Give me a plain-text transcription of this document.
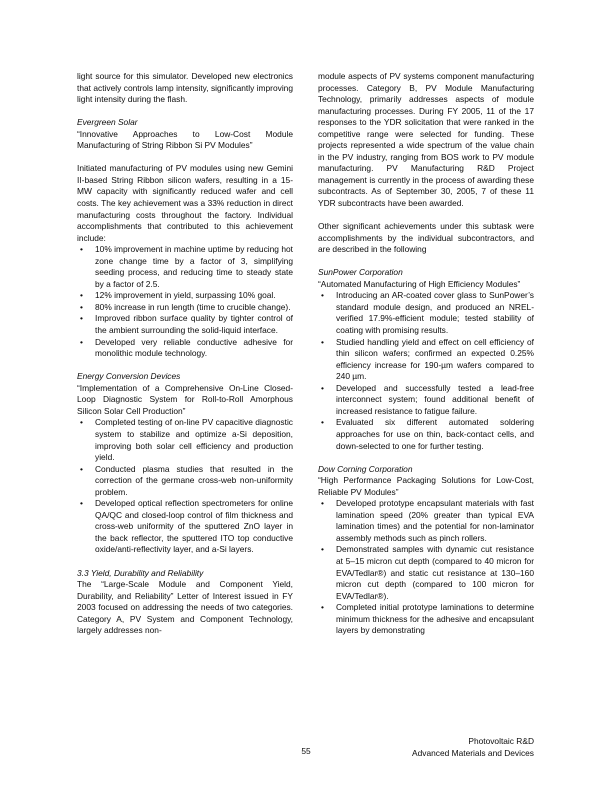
light source for this simulator. Developed new electronics that actively controls lamp intensity, significantly improving light intensity during the flash.

Evergreen Solar

“Innovative Approaches to Low-Cost Module Manufacturing of String Ribbon Si PV Modules”

Initiated manufacturing of PV modules using new Gemini II-based String Ribbon silicon wafers, resulting in a 15-MW capacity with significantly reduced wafer and cell costs. The key achievement was a 33% reduction in direct manufacturing costs throughout the factory. Individual accomplishments that contributed to this achievement include:

• 10% improvement in machine uptime by reducing hot zone change time by a factor of 3, simplifying seeding process, and reducing time to steady state by a factor of 2.5.
• 12% improvement in yield, surpassing 10% goal.
• 80% increase in run length (time to crucible change).
• Improved ribbon surface quality by tighter control of the ambient surrounding the solid-liquid interface.
• Developed very reliable conductive adhesive for monolithic module technology.

Energy Conversion Devices

“Implementation of a Comprehensive On-Line Closed-Loop Diagnostic System for Roll-to-Roll Amorphous Silicon Solar Cell Production”

• Completed testing of on-line PV capacitive diagnostic system to stabilize and optimize a-Si deposition, improving both solar cell efficiency and production yield.
• Conducted plasma studies that resulted in the correction of the germane cross-web non-uniformity problem.
• Developed optical reflection spectrometers for online QA/QC and closed-loop control of film thickness and cross-web uniformity of the sputtered ZnO layer in the back reflector, the sputtered ITO top conductive oxide/anti-reflectivity layer, and a-Si layers.

3.3 Yield, Durability and Reliability

The “Large-Scale Module and Component Yield, Durability, and Reliability” Letter of Interest issued in FY 2003 focused on addressing the needs of two categories. Category A, PV System and Component Technology, largely addresses non-

module aspects of PV systems component manufacturing processes. Category B, PV Module Manufacturing Technology, primarily addresses aspects of module manufacturing processes. During FY 2005, 11 of the 17 responses to the YDR solicitation that were ranked in the competitive range were selected for funding. These projects represented a wide spectrum of the value chain in the PV industry, ranging from BOS work to PV module manufacturing. PV Manufacturing R&D Project management is currently in the process of awarding these subcontracts. As of September 30, 2005, 7 of these 11 YDR subcontracts have been awarded.

Other significant achievements under this subtask were accomplishments by the individual subcontractors, and are described in the following

SunPower Corporation

“Automated Manufacturing of High Efficiency Modules”

• Introducing an AR-coated cover glass to SunPower’s standard module design, and produced an NREL-verified 17.9%-efficient module; tested stability of coating with promising results.
• Studied handling yield and effect on cell efficiency of thin silicon wafers; confirmed an expected 0.25% efficiency increase for 190-µm wafers compared to 240 µm.
• Developed and successfully tested a lead-free interconnect system; found additional benefit of increased resistance to fatigue failure.
• Evaluated six different automated soldering approaches for use on thin, back-contact cells, and down-selected to one for further testing.

Dow Corning Corporation

“High Performance Packaging Solutions for Low-Cost, Reliable PV Modules”

• Developed prototype encapsulant materials with fast lamination speed (20% greater than typical EVA lamination times) and the potential for non-laminator assembly methods such as pinch rollers.
• Demonstrated samples with dynamic cut resistance at 5–15 micron cut depth (compared to 40 micron for EVA/Tedlar®) and static cut resistance at 130–160 micron cut depth (compared to 100 micron for EVA/Tedlar®).
• Completed initial prototype laminations to determine minimum thickness for the adhesive and encapsulant layers by demonstrating
55
Photovoltaic R&D
Advanced Materials and Devices
